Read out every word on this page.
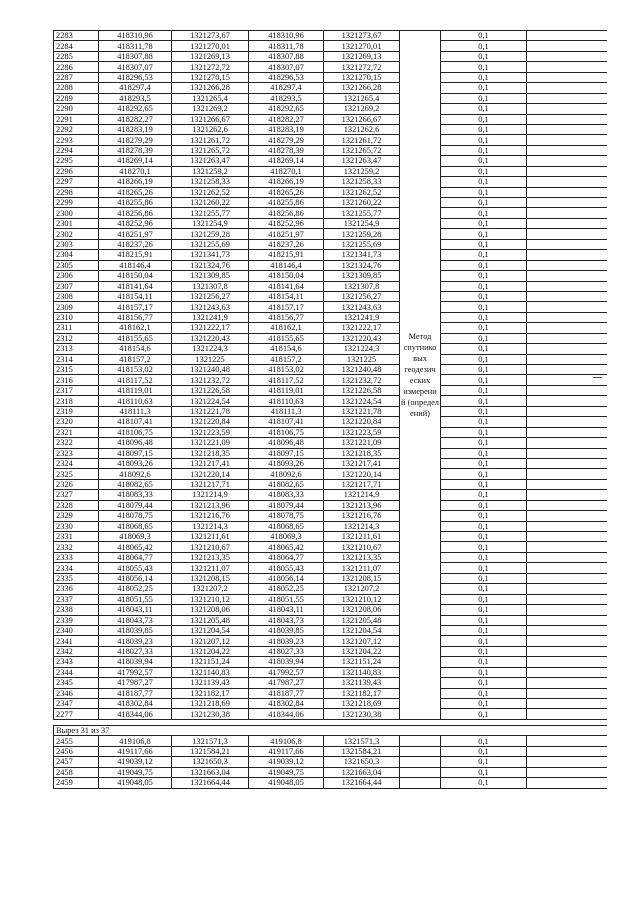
2283	418310,96	1321273,67	418310,96	1321273,67	Метод спутнико вых геодезич еских измерени й (определ ений)	0,1	
2284	418311,78	1321270,01	418311,78	1321270,01		0,1	
2285	418307,88	1321269,13	418307,88	1321269,13		0,1	
2286	418307,07	1321272,72	418307,07	1321272,72		0,1	
2287	418296,53	1321270,15	418296,53	1321270,15		0,1	
2288	418297,4	1321266,28	418297,4	1321266,28		0,1	
2289	418293,5	1321265,4	418293,5	1321265,4		0,1	
2290	418292,65	1321269,2	418292,65	1321269,2		0,1	
2291	418282,27	1321266,67	418282,27	1321266,67		0,1	
2292	418283,19	1321262,6	418283,19	1321262,6		0,1	
2293	418279,29	1321261,72	418279,29	1321261,72		0,1	
2294	418278,39	1321265,72	418278,39	1321265,72		0,1	
2295	418269,14	1321263,47	418269,14	1321263,47		0,1	
2296	418270,1	1321259,2	418270,1	1321259,2		0,1	
2297	418266,19	1321258,33	418266,19	1321258,33		0,1	
2298	418265,26	1321262,52	418265,26	1321262,52		0,1	
2299	418255,86	1321260,22	418255,86	1321260,22		0,1	
2300	418256,86	1321255,77	418256,86	1321255,77		0,1	
2301	418252,96	1321254,9	418252,96	1321254,9		0,1	
2302	418251,97	1321259,28	418251,97	1321259,28		0,1	
2303	418237,26	1321255,69	418237,26	1321255,69		0,1	
2304	418215,91	1321341,73	418215,91	1321341,73		0,1	
2305	418146,4	1321324,76	418146,4	1321324,76		0,1	
2306	418150,04	1321309,85	418150,04	1321309,85		0,1	
2307	418141,64	1321307,8	418141,64	1321307,8		0,1	
2308	418154,11	1321256,27	418154,11	1321256,27		0,1	
2309	418157,17	1321243,63	418157,17	1321243,63		0,1	
2310	418156,77	1321241,9	418156,77	1321241,9		0,1	
2311	418162,1	1321222,17	418162,1	1321222,17		0,1	
2312	418155,65	1321220,43	418155,65	1321220,43		0,1	
2313	418154,6	1321224,3	418154,6	1321224,3		0,1	
2314	418157,2	1321225	418157,2	1321225		0,1	
2315	418153,02	1321240,48	418153,02	1321240,48		0,1	
2316	418117,52	1321232,72	418117,52	1321232,72		0,1	
2317	418119,01	1321226,58	418119,01	1321226,58		0,1	
2318	418110,63	1321224,54	418110,63	1321224,54		0,1	
2319	418111,3	1321221,78	418111,3	1321221,78		0,1	
2320	418107,41	1321220,84	418107,41	1321220,84		0,1	
2321	418106,75	1321223,59	418106,75	1321223,59		0,1	
2322	418096,48	1321221,09	418096,48	1321221,09		0,1	
2323	418097,15	1321218,35	418097,15	1321218,35		0,1	
2324	418093,26	1321217,41	418093,26	1321217,41		0,1	
2325	418092,6	1321220,14	418092,6	1321220,14		0,1	
2326	418082,65	1321217,71	418082,65	1321217,71		0,1	
2327	418083,33	1321214,9	418083,33	1321214,9		0,1	
2328	418079,44	1321213,96	418079,44	1321213,96		0,1	
2329	418078,75	1321216,76	418078,75	1321216,76		0,1	
2330	418068,65	1321214,3	418068,65	1321214,3		0,1	
2331	418069,3	1321211,61	418069,3	1321211,61		0,1	
2332	418065,42	1321210,67	418065,42	1321210,67		0,1	
2333	418064,77	1321213,35	418064,77	1321213,35		0,1	
2334	418055,43	1321211,07	418055,43	1321211,07		0,1	
2335	418056,14	1321208,15	418056,14	1321208,15		0,1	
2336	418052,25	1321207,2	418052,25	1321207,2		0,1	
2337	418051,55	1321210,12	418051,55	1321210,12		0,1	
2338	418043,11	1321208,06	418043,11	1321208,06		0,1	
2339	418043,73	1321205,48	418043,73	1321205,48		0,1	
2340	418039,85	1321204,54	418039,85	1321204,54		0,1	
2341	418039,23	1321207,12	418039,23	1321207,12		0,1	
2342	418027,33	1321204,22	418027,33	1321204,22		0,1	
2343	418039,94	1321151,24	418039,94	1321151,24		0,1	
2344	417992,57	1321140,83	417992,57	1321140,83		0,1	
2345	417987,27	1321139,43	417987,27	1321139,43		0,1	
2346	418187,77	1321182,17	418187,77	1321182,17		0,1	
2347	418302,84	1321218,69	418302,84	1321218,69		0,1	
2277	418344,06	1321230,38	418344,06	1321230,38		0,1	

Вырез 31 из 37							
2455	419106,8	1321571,3	419106,8	1321571,3		0,1	
2456	419117,66	1321584,21	419117,66	1321584,21		0,1	
2457	419039,12	1321650,3	419039,12	1321650,3		0,1	
2458	419049,75	1321663,04	419049,75	1321663,04		0,1	
2459	419048,05	1321664,44	419048,05	1321664,44		0,1	
